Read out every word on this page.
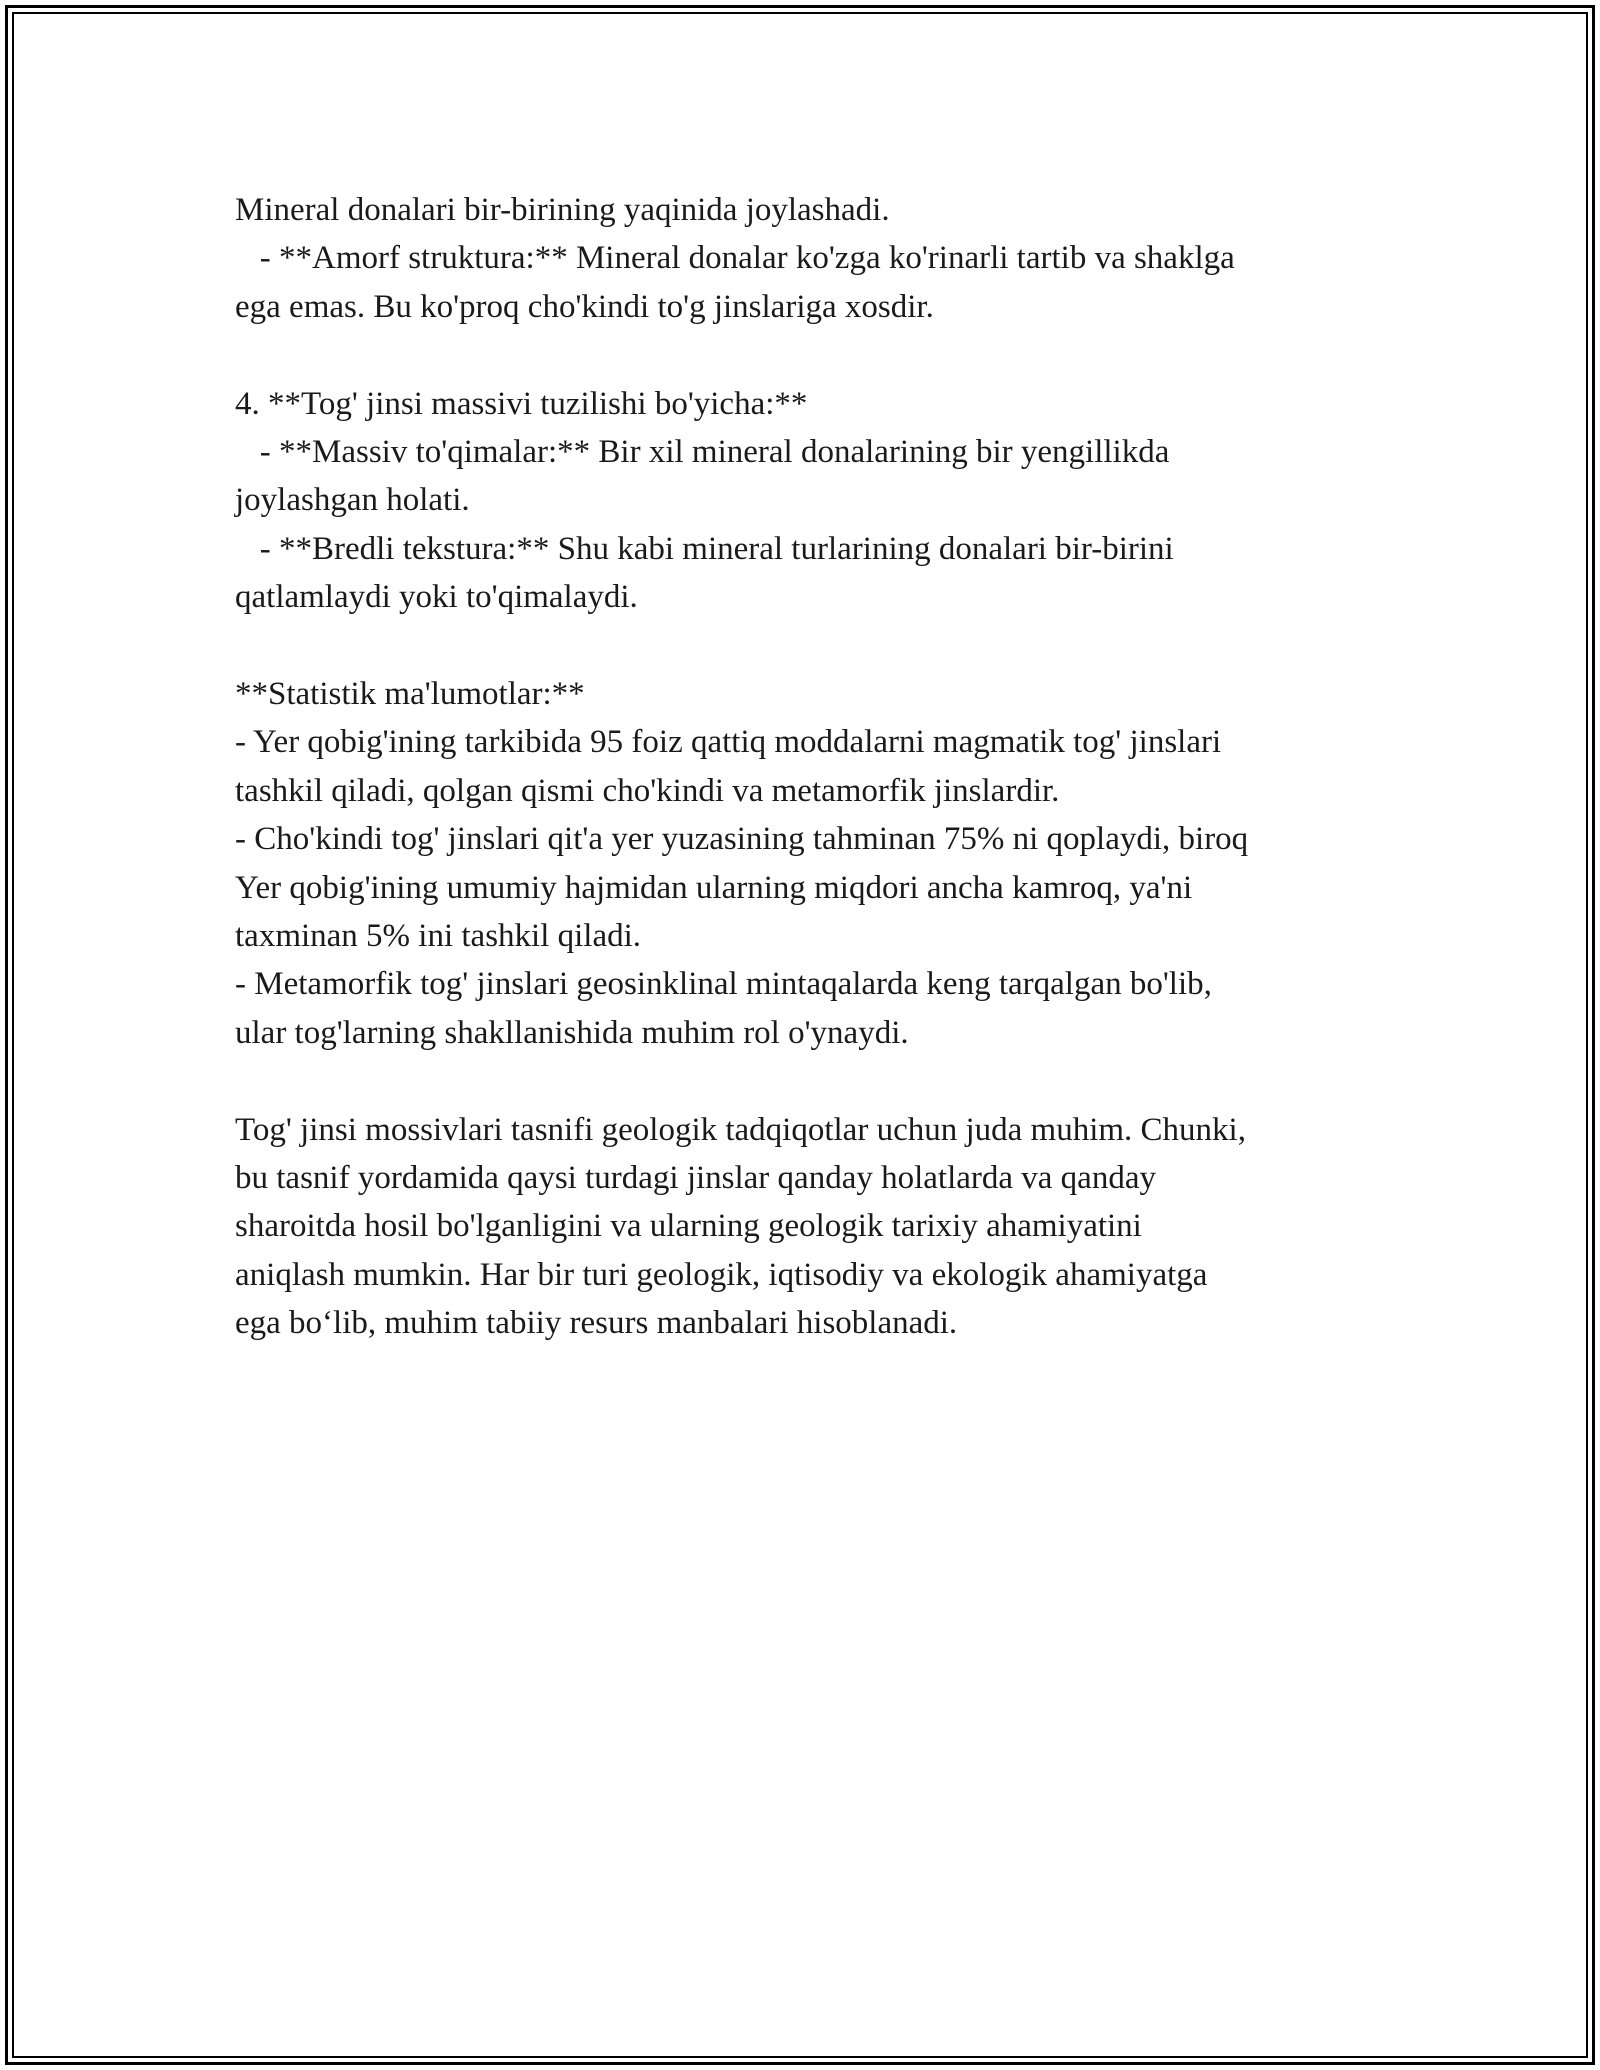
Mineral donalari bir-birining yaqinida joylashadi.
- **Amorf struktura:** Mineral donalar ko'zga ko'rinarli tartib va shaklga
ega emas. Bu ko'proq cho'kindi to'g jinslariga xosdir.
4. **Tog' jinsi massivi tuzilishi bo'yicha:**
- **Massiv to'qimalar:** Bir xil mineral donalarining bir yengillikda
joylashgan holati.
- **Bredli tekstura:** Shu kabi mineral turlarining donalari bir-birini
qatlamlaydi yoki to'qimalaydi.
**Statistik ma'lumotlar:**
- Yer qobig'ining tarkibida 95 foiz qattiq moddalarni magmatik tog' jinslari
tashkil qiladi, qolgan qismi cho'kindi va metamorfik jinslardir.
- Cho'kindi tog' jinslari qit'a yer yuzasining tahminan 75% ni qoplaydi, biroq
Yer qobig'ining umumiy hajmidan ularning miqdori ancha kamroq, ya'ni
taxminan 5% ini tashkil qiladi.
- Metamorfik tog' jinslari geosinklinal mintaqalarda keng tarqalgan bo'lib,
ular tog'larning shakllanishida muhim rol o'ynaydi.
Tog' jinsi mossivlari tasnifi geologik tadqiqotlar uchun juda muhim. Chunki,
bu tasnif yordamida qaysi turdagi jinslar qanday holatlarda va qanday
sharoitda hosil bo'lganligini va ularning geologik tarixiy ahamiyatini
aniqlash mumkin. Har bir turi geologik, iqtisodiy va ekologik ahamiyatga
ega bo‘lib, muhim tabiiy resurs manbalari hisoblanadi.
